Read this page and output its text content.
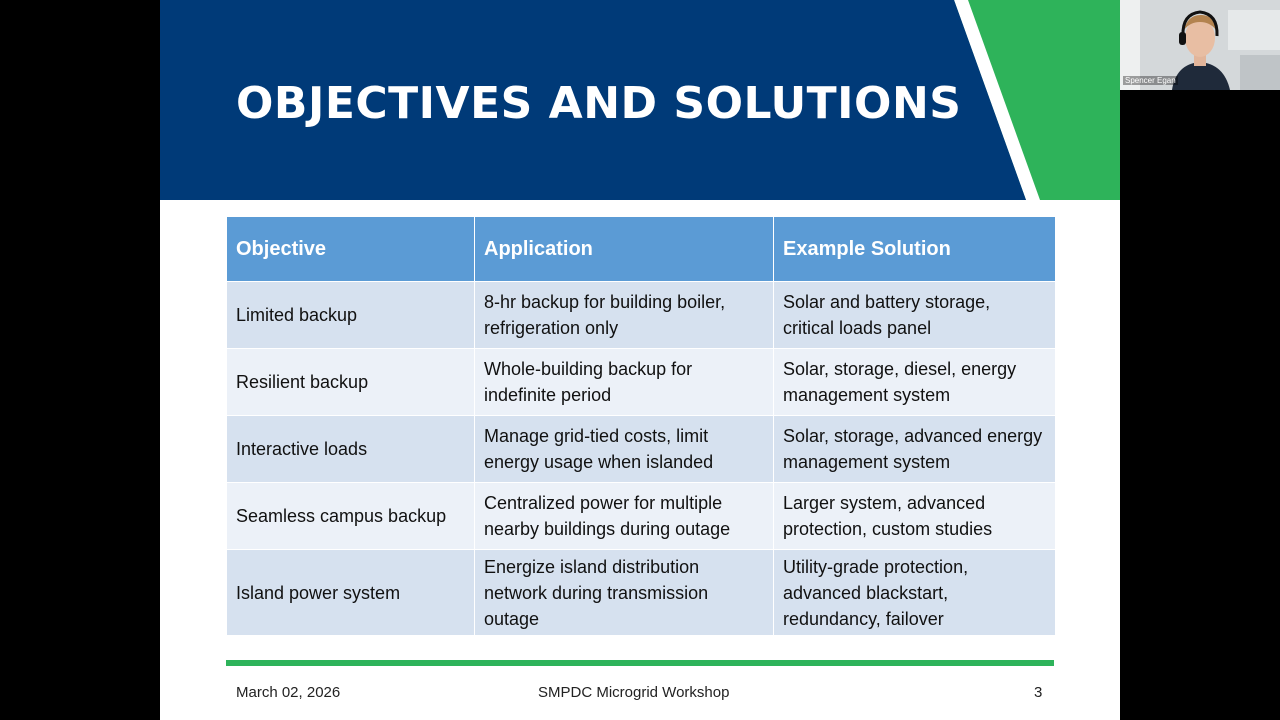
OBJECTIVES AND SOLUTIONS
Objective	Application	Example Solution
Limited backup	8-hr backup for building boiler, refrigeration only	Solar and battery storage, critical loads panel
Resilient backup	Whole-building backup for indefinite period	Solar, storage, diesel, energy management system
Interactive loads	Manage grid-tied costs, limit energy usage when islanded	Solar, storage, advanced energy management system
Seamless campus backup	Centralized power for multiple nearby buildings during outage	Larger system, advanced protection, custom studies
Island power system	Energize island distribution network during transmission outage	Utility-grade protection, advanced blackstart, redundancy, failover
March 02, 2026	SMPDC Microgrid Workshop	3
Spencer Egan
